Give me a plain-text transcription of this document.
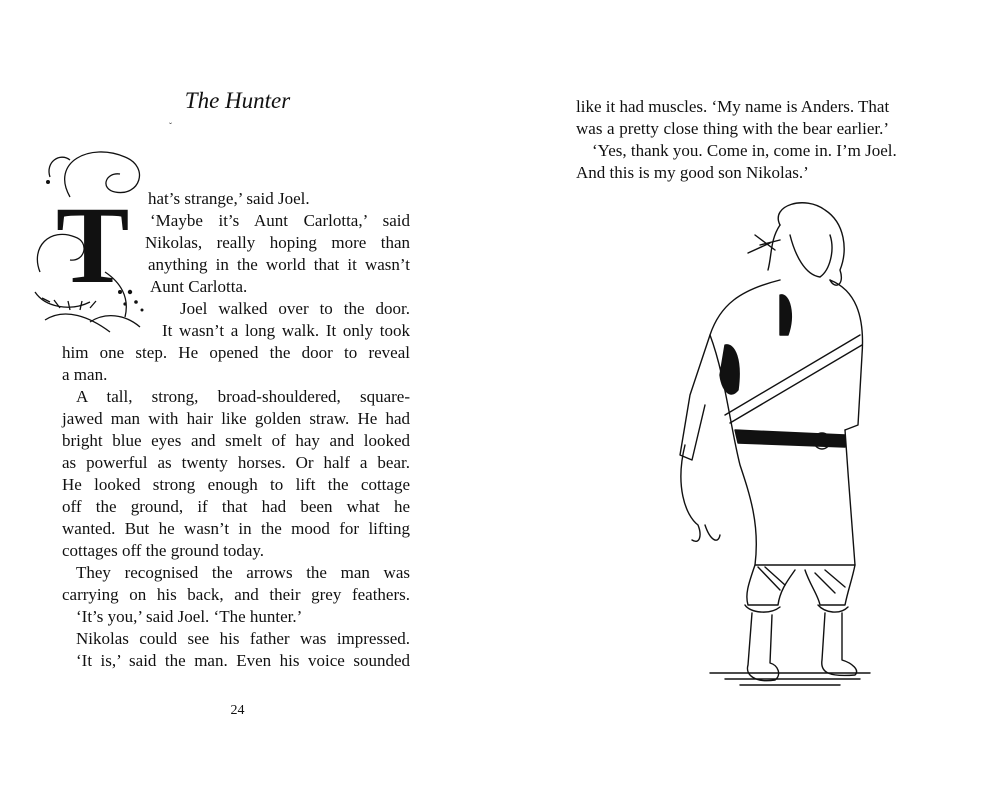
The Hunter
ˇ
T hat’s strange,’ said Joel.
‘Maybe it’s Aunt Carlotta,’ said
Nikolas, really hoping more than
anything in the world that it wasn’t
Aunt Carlotta.
Joel walked over to the door.
It wasn’t a long walk. It only took
him one step. He opened the door to reveal
a man.
A tall, strong, broad-shouldered, square-
jawed man with hair like golden straw. He had
bright blue eyes and smelt of hay and looked
as powerful as twenty horses. Or half a bear.
He looked strong enough to lift the cottage
off the ground, if that had been what he
wanted. But he wasn’t in the mood for lifting
cottages off the ground today.
They recognised the arrows the man was
carrying on his back, and their grey feathers.
‘It’s you,’ said Joel. ‘The hunter.’
Nikolas could see his father was impressed.
‘It is,’ said the man. Even his voice sounded
24
like it had muscles. ‘My name is Anders. That
was a pretty close thing with the bear earlier.’
‘Yes, thank you. Come in, come in. I’m Joel.
And this is my good son Nikolas.’
